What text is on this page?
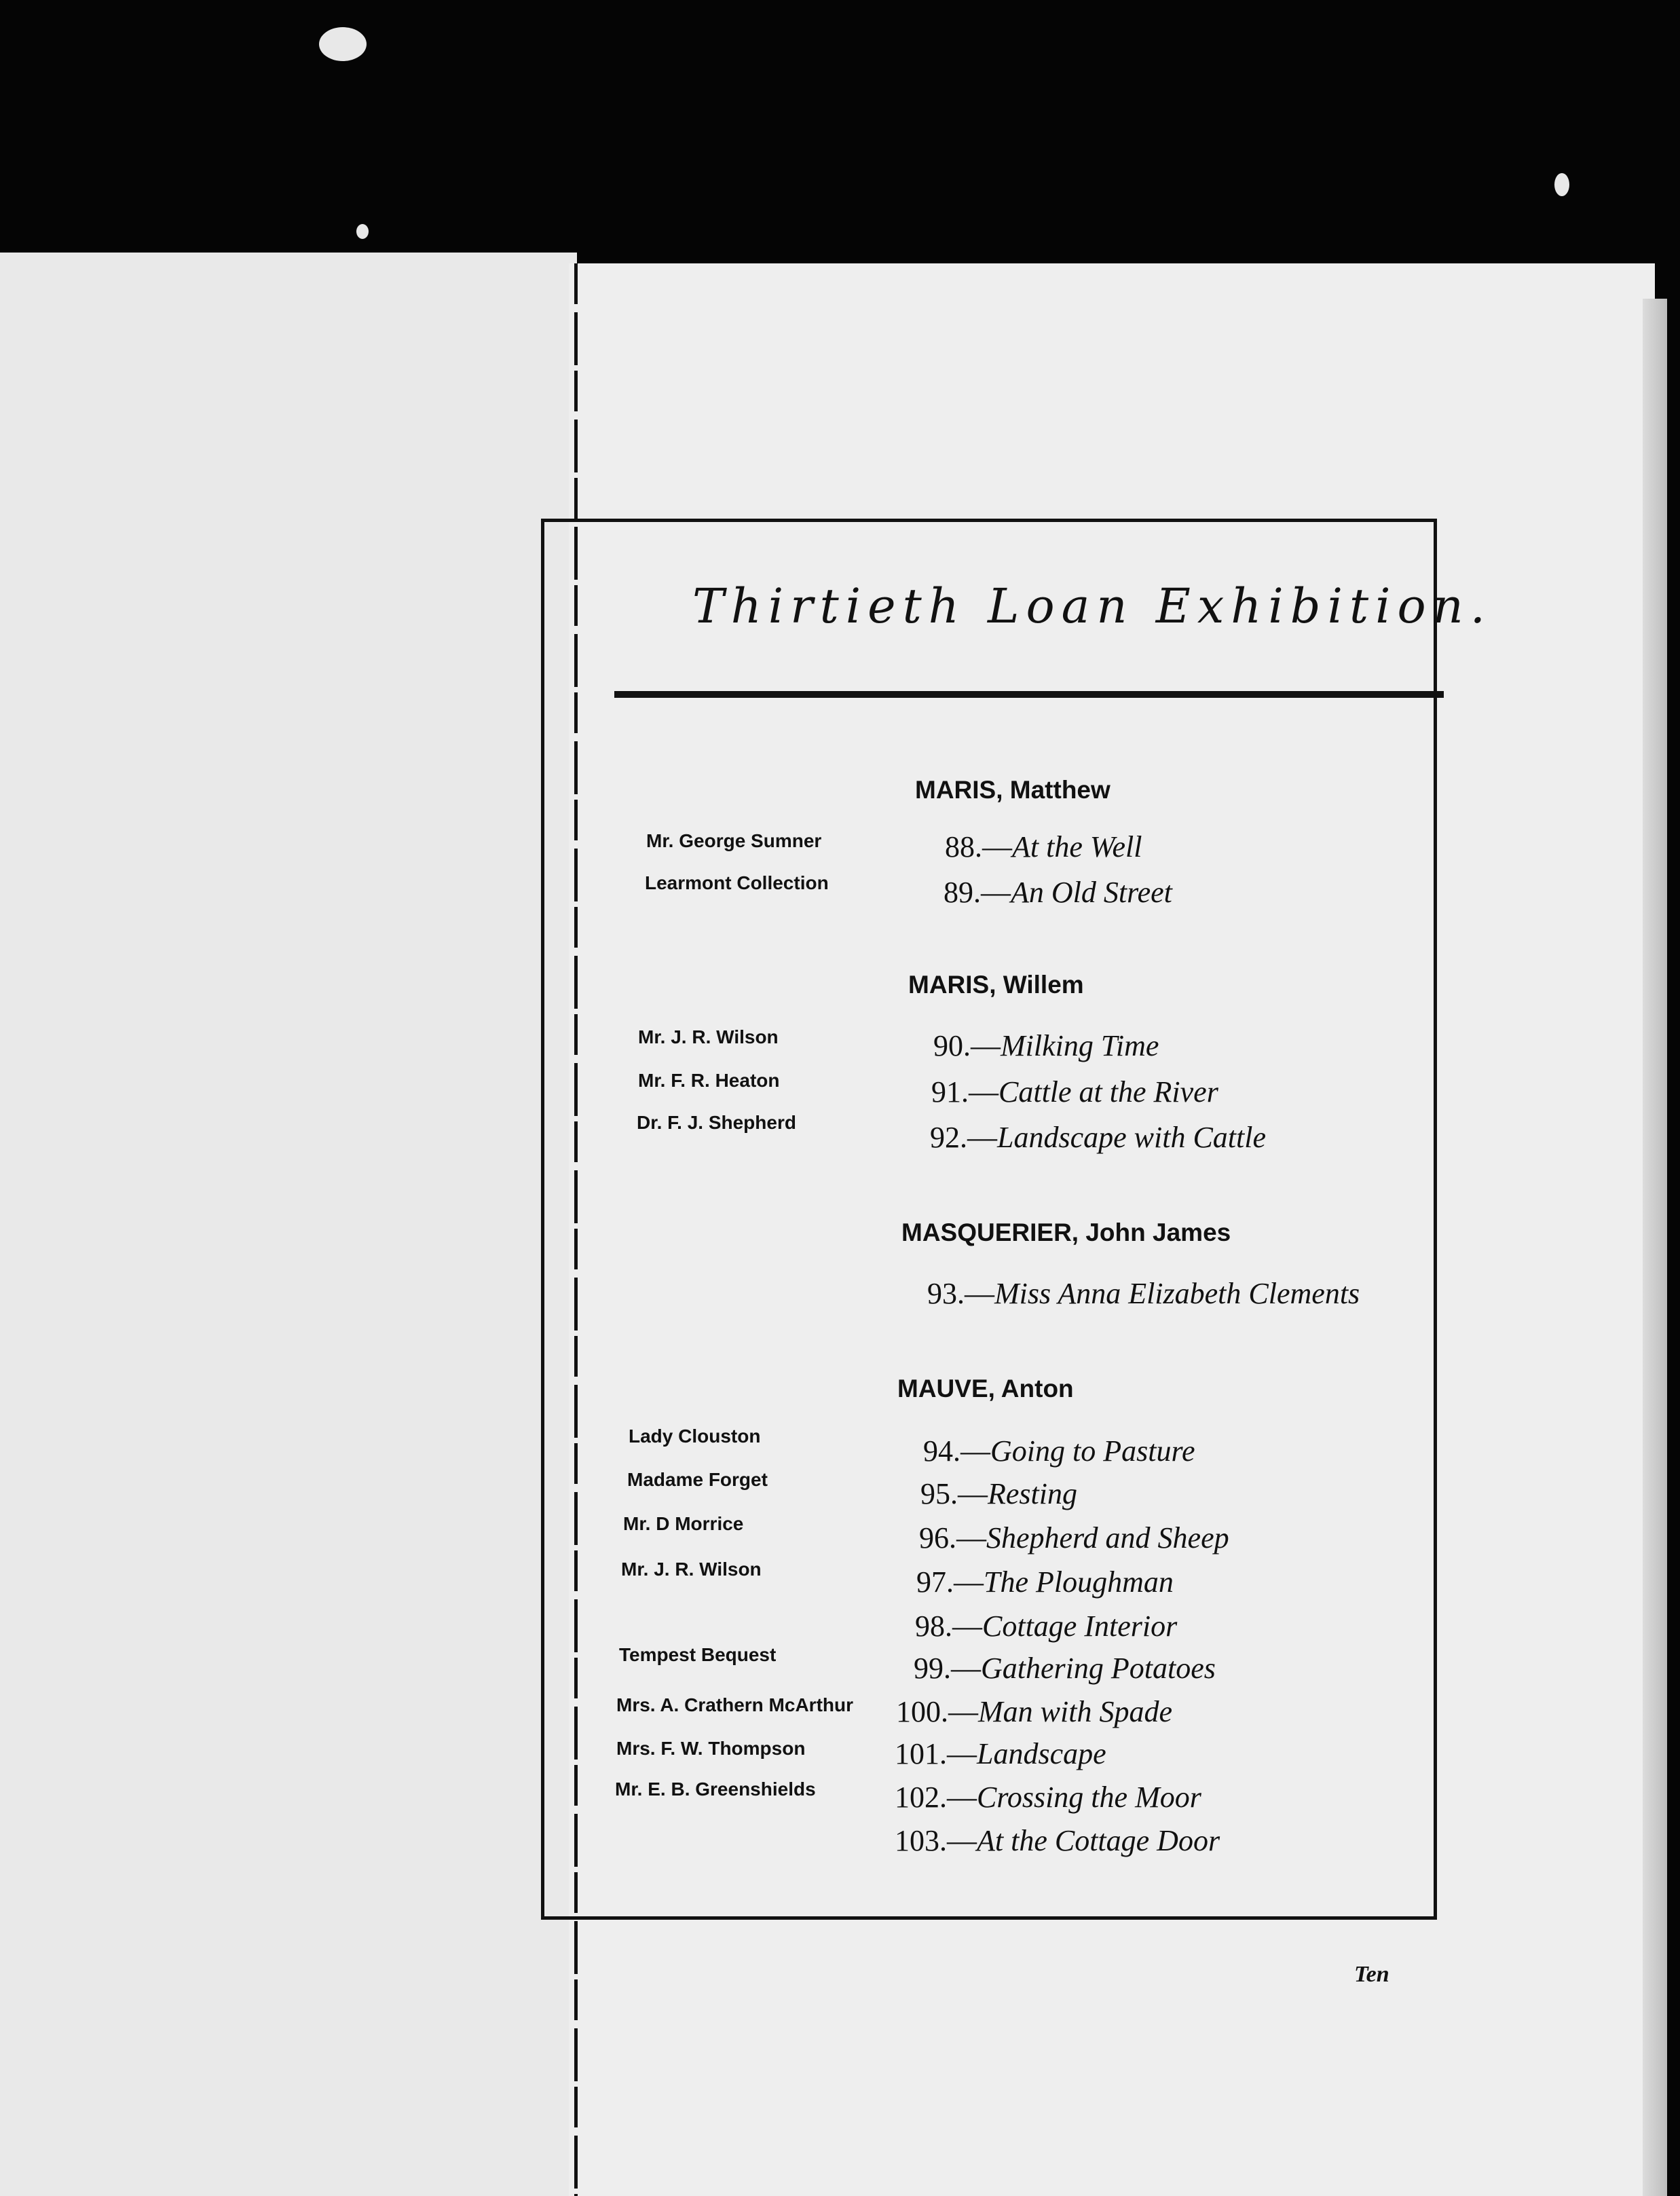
Thirtieth Loan Exhibition.
MARIS, Matthew
Mr. George Sumner
Learmont Collection
88.—At the Well
89.—An Old Street
MARIS, Willem
Mr. J. R. Wilson
Mr. F. R. Heaton
Dr. F. J. Shepherd
90.—Milking Time
91.—Cattle at the River
92.—Landscape with Cattle
MASQUERIER, John James
93.—Miss Anna Elizabeth Clements
MAUVE, Anton
Lady Clouston
Madame Forget
Mr. D Morrice
Mr. J. R. Wilson
Tempest Bequest
Mrs. A. Crathern McArthur
Mrs. F. W. Thompson
Mr. E. B. Greenshields
94.—Going to Pasture
95.—Resting
96.—Shepherd and Sheep
97.—The Ploughman
98.—Cottage Interior
99.—Gathering Potatoes
100.—Man with Spade
101.—Landscape
102.—Crossing the Moor
103.—At the Cottage Door
Ten
